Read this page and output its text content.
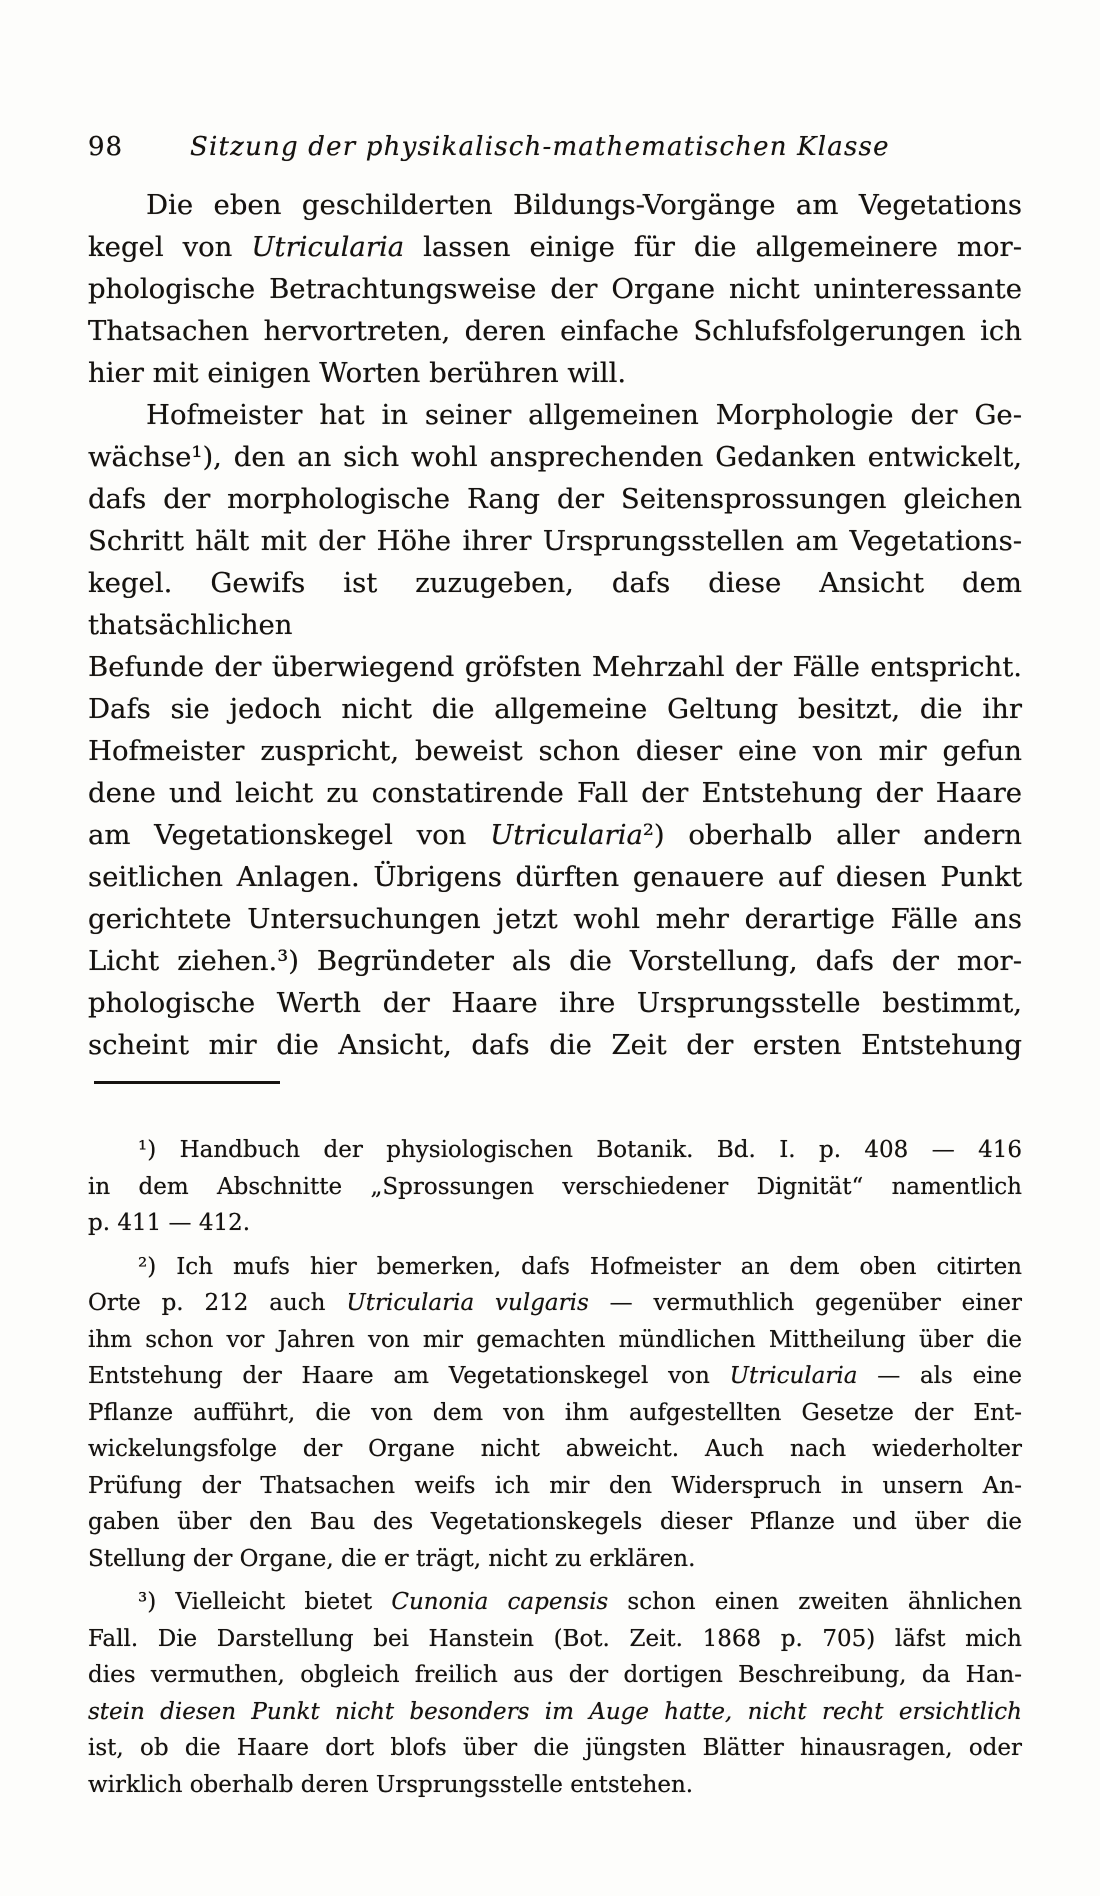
98	Sitzung der physikalisch-mathematischen Klasse
Die eben geschilderten Bildungs-Vorgänge am Vegetations
kegel von Utricularia lassen einige für die allgemeinere mor-
phologische Betrachtungsweise der Organe nicht uninteressante
Thatsachen hervortreten, deren einfache Schlufsfolgerungen ich
hier mit einigen Worten berühren will.
Hofmeister hat in seiner allgemeinen Morphologie der Ge-
wächse¹), den an sich wohl ansprechenden Gedanken entwickelt,
dafs der morphologische Rang der Seitensprossungen gleichen
Schritt hält mit der Höhe ihrer Ursprungsstellen am Vegetations-
kegel. Gewifs ist zuzugeben, dafs diese Ansicht dem thatsächlichen
Befunde der überwiegend gröfsten Mehrzahl der Fälle entspricht.
Dafs sie jedoch nicht die allgemeine Geltung besitzt, die ihr
Hofmeister zuspricht, beweist schon dieser eine von mir gefun
dene und leicht zu constatirende Fall der Entstehung der Haare
am Vegetationskegel von Utricularia²) oberhalb aller andern
seitlichen Anlagen. Übrigens dürften genauere auf diesen Punkt
gerichtete Untersuchungen jetzt wohl mehr derartige Fälle ans
Licht ziehen.³) Begründeter als die Vorstellung, dafs der mor-
phologische Werth der Haare ihre Ursprungsstelle bestimmt,
scheint mir die Ansicht, dafs die Zeit der ersten Entstehung
¹) Handbuch der physiologischen Botanik. Bd. I. p. 408 — 416
in dem Abschnitte „Sprossungen verschiedener Dignität“ namentlich
p. 411 — 412.
²) Ich mufs hier bemerken, dafs Hofmeister an dem oben citirten
Orte p. 212 auch Utricularia vulgaris — vermuthlich gegenüber einer
ihm schon vor Jahren von mir gemachten mündlichen Mittheilung über die
Entstehung der Haare am Vegetationskegel von Utricularia — als eine
Pflanze aufführt, die von dem von ihm aufgestellten Gesetze der Ent-
wickelungsfolge der Organe nicht abweicht. Auch nach wiederholter
Prüfung der Thatsachen weifs ich mir den Widerspruch in unsern An-
gaben über den Bau des Vegetationskegels dieser Pflanze und über die
Stellung der Organe, die er trägt, nicht zu erklären.
³) Vielleicht bietet Cunonia capensis schon einen zweiten ähnlichen
Fall. Die Darstellung bei Hanstein (Bot. Zeit. 1868 p. 705) läfst mich
dies vermuthen, obgleich freilich aus der dortigen Beschreibung, da Han-
stein diesen Punkt nicht besonders im Auge hatte, nicht recht ersichtlich
ist, ob die Haare dort blofs über die jüngsten Blätter hinausragen, oder
wirklich oberhalb deren Ursprungsstelle entstehen.
